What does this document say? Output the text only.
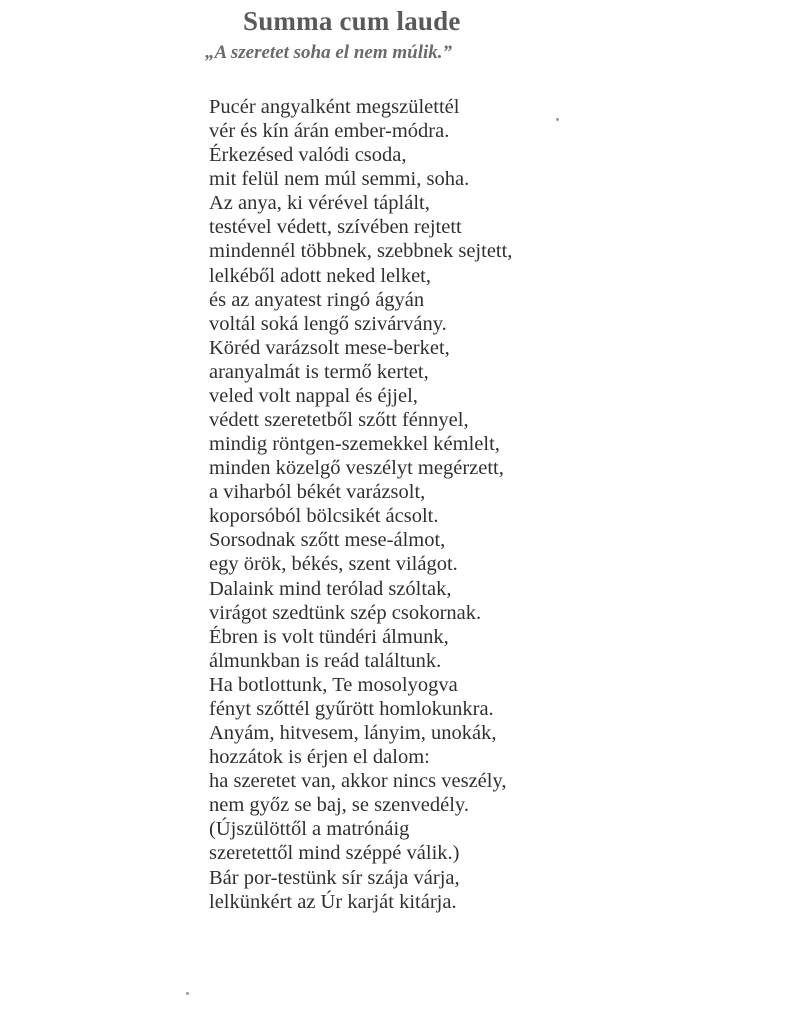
Summa cum laude
„A szeretet soha el nem múlik.”
Pucér angyalként megszülettél
vér és kín árán ember-módra.
Érkezésed valódi csoda,
mit felül nem múl semmi, soha.
Az anya, ki vérével táplált,
testével védett, szívében rejtett
mindennél többnek, szebbnek sejtett,
lelkéből adott neked lelket,
és az anyatest ringó ágyán
voltál soká lengő szivárvány.
Köréd varázsolt mese-berket,
aranyalmát is termő kertet,
veled volt nappal és éjjel,
védett szeretetből szőtt fénnyel,
mindig röntgen-szemekkel kémlelt,
minden közelgő veszélyt megérzett,
a viharból békét varázsolt,
koporsóból bölcsikét ácsolt.
Sorsodnak szőtt mese-álmot,
egy örök, békés, szent világot.
Dalaink mind terólad szóltak,
virágot szedtünk szép csokornak.
Ébren is volt tündéri álmunk,
álmunkban is reád találtunk.
Ha botlottunk, Te mosolyogva
fényt szőttél gyűrött homlokunkra.
Anyám, hitvesem, lányim, unokák,
hozzátok is érjen el dalom:
ha szeretet van, akkor nincs veszély,
nem győz se baj, se szenvedély.
(Újszülöttől a matrónáig
szeretettől mind széppé válik.)
Bár por-testünk sír szája várja,
lelkünkért az Úr karját kitárja.
